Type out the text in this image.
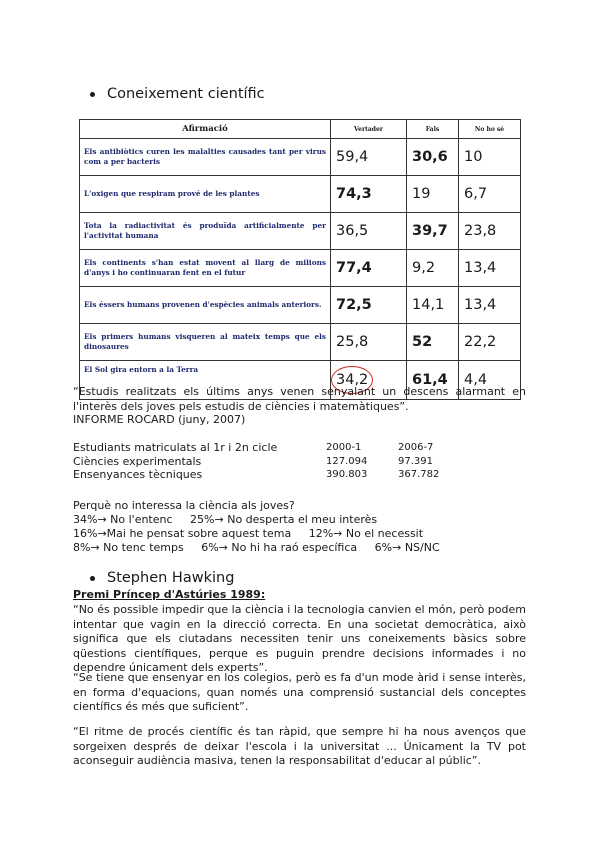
Coneixement científic
Afirmació	Vertader	Fals	No ho sé
Els antibiòtics curen les malalties causades tant per virus com a per bacteris	59,4	30,6	10
L'oxigen que respiram prové de les plantes	74,3	19	6,7
Tota la radiactivitat és produïda artificialmente per l'activitat humana	36,5	39,7	23,8
Els continents s'han estat movent al llarg de milions d'anys i ho continuaran fent en el futur	77,4	9,2	13,4
Els éssers humans provenen d'espècies animals anteriors.	72,5	14,1	13,4
Els primers humans visqueren al mateix temps que els dinosaures	25,8	52	22,2
El Sol gira entorn a la Terra	34,2	61,4	4,4
“Estudis realitzats els últims anys venen senyalant un descens alarmant en l'interès dels joves pels estudis de ciències i matemàtiques”.
INFORME ROCARD (juny, 2007)
Estudiants matriculats al 1r i 2n cicle	2000-1	2006-7
Ciències experimentals	127.094	97.391
Ensenyances tècniques	390.803	367.782
Perquè no interessa la ciència als joves?
34%→ No l'entenc 25%→ No desperta el meu interès
16%→Mai he pensat sobre aquest tema 12%→ No el necessit
8%→ No tenc temps 6%→ No hi ha raó específica 6%→ NS/NC
Stephen Hawking
Premi Príncep d'Astúries 1989:
“No és possible impedir que la ciència i la tecnologia canvien el món, però podem intentar que vagin en la direcció correcta. En una societat democràtica, això significa que els ciutadans necessiten tenir uns coneixements bàsics sobre qüestions científiques, perque es puguin prendre decisions informades i no dependre únicament dels experts”.
“Se tiene que ensenyar en los colegios, però es fa d'un mode àrid i sense interès, en forma d'equacions, quan només una comprensió sustancial dels conceptes científics és més que suficient”.
“El ritme de procés científic és tan ràpid, que sempre hi ha nous avenços que sorgeixen després de deixar l'escola i la universitat ... Únicament la TV pot aconseguir audiència masiva, tenen la responsabilitat d'educar al públic”.
